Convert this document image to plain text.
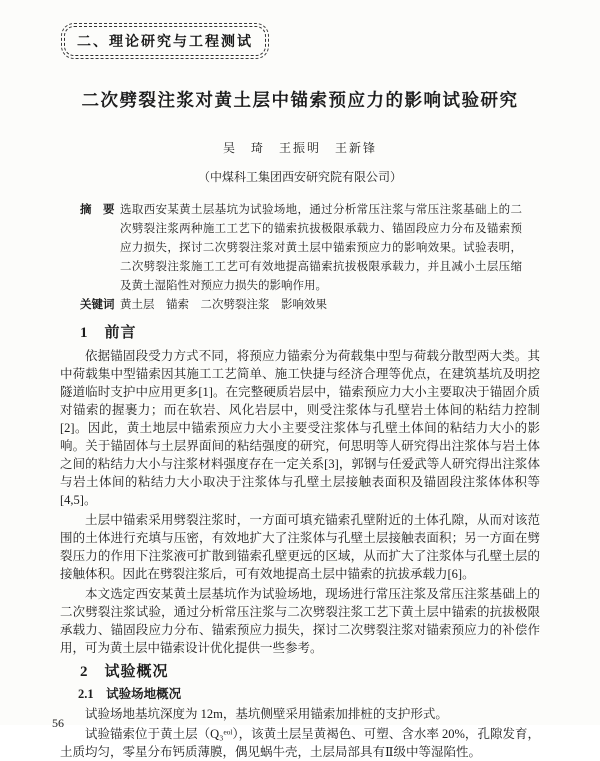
二、理论研究与工程测试
二次劈裂注浆对黄土层中锚索预应力的影响试验研究
吴　琦　王振明　王新锋
（中煤科工集团西安研究院有限公司）
摘　要 选取西安某黄土层基坑为试验场地，通过分析常压注浆与常压注浆基础上的二次劈裂注浆两种施工工艺下的锚索抗拔极限承载力、锚固段应力分布及锚索预应力损失，探讨二次劈裂注浆对黄土层中锚索预应力的影响效果。试验表明，二次劈裂注浆施工工艺可有效地提高锚索抗拔极限承载力，并且减小土层压缩及黄土湿陷性对预应力损失的影响作用。
关键词 黄土层　锚索　二次劈裂注浆　影响效果
1　前言
依据锚固段受力方式不同，将预应力锚索分为荷载集中型与荷载分散型两大类。其中荷载集中型锚索因其施工工艺简单、施工快捷与经济合理等优点，在建筑基坑及明挖隧道临时支护中应用更多[1]。在完整硬质岩层中，锚索预应力大小主要取决于锚固介质对锚索的握裹力；而在软岩、风化岩层中，则受注浆体与孔壁岩土体间的粘结力控制[2]。因此，黄土地层中锚索预应力大小主要受注浆体与孔壁土体间的粘结力大小的影响。关于锚固体与土层界面间的粘结强度的研究，何思明等人研究得出注浆体与岩土体之间的粘结力大小与注浆材料强度存在一定关系[3]，郭钢与任爱武等人研究得出注浆体与岩土体间的粘结力大小取决于注浆体与孔壁土层接触表面积及锚固段注浆体体积等[4,5]。
土层中锚索采用劈裂注浆时，一方面可填充锚索孔壁附近的土体孔隙，从而对该范围的土体进行充填与压密，有效地扩大了注浆体与孔壁土层接触表面积；另一方面在劈裂压力的作用下注浆液可扩散到锚索孔壁更远的区域，从而扩大了注浆体与孔壁土层的接触体积。因此在劈裂注浆后，可有效地提高土层中锚索的抗拔承载力[6]。
本文选定西安某黄土层基坑作为试验场地，现场进行常压注浆及常压注浆基础上的二次劈裂注浆试验，通过分析常压注浆与二次劈裂注浆工艺下黄土层中锚索的抗拔极限承载力、锚固段应力分布、锚索预应力损失，探讨二次劈裂注浆对锚索预应力的补偿作用，可为黄土层中锚索设计优化提供一些参考。
2　试验概况
2.1　试验场地概况
试验场地基坑深度为 12m，基坑侧壁采用锚索加排桩的支护形式。
试验锚索位于黄土层（Q₃ᵉᵒˡ），该黄土层呈黄褐色、可塑、含水率 20%，孔隙发育，土质均匀，零星分布钙质薄膜，偶见蜗牛壳，土层局部具有Ⅱ级中等湿陷性。
56
